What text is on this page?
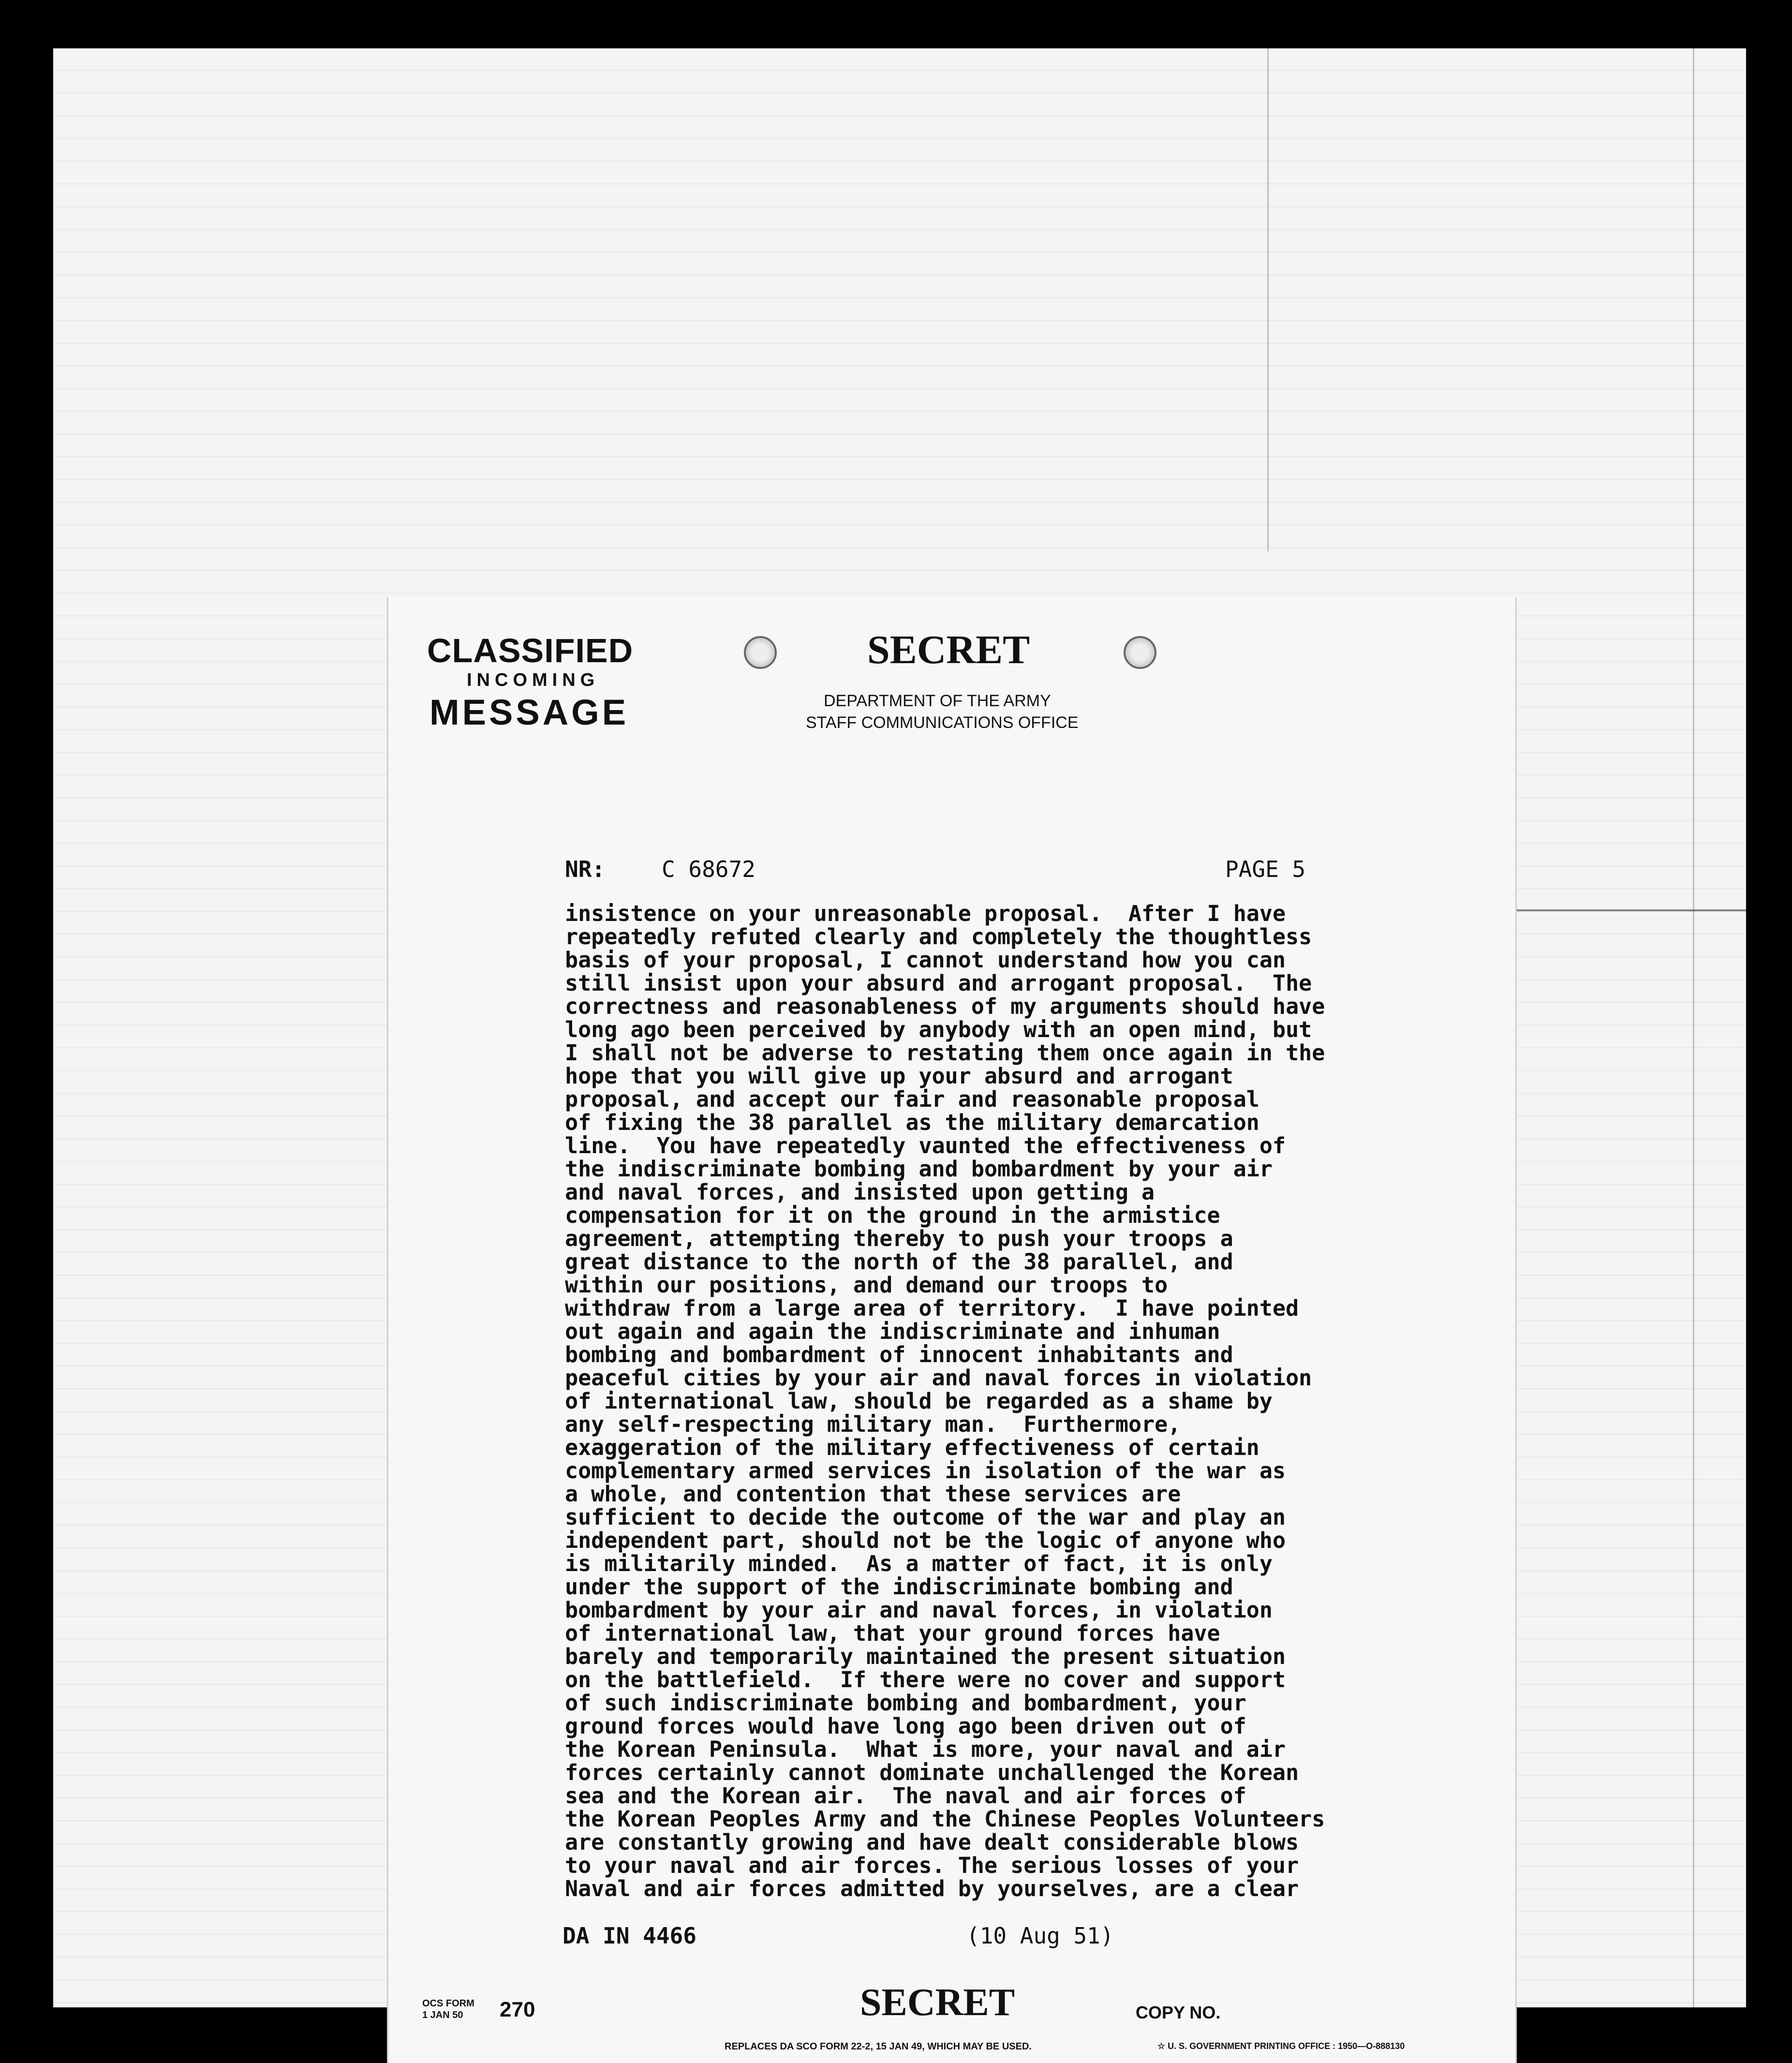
CLASSIFIED
INCOMING
MESSAGE
SECRET
DEPARTMENT OF THE ARMY
STAFF COMMUNICATIONS OFFICE
NR:	C 68672	PAGE 5
insistence on your unreasonable proposal.  After I have
repeatedly refuted clearly and completely the thoughtless
basis of your proposal, I cannot understand how you can
still insist upon your absurd and arrogant proposal.  The
correctness and reasonableness of my arguments should have
long ago been perceived by anybody with an open mind, but
I shall not be adverse to restating them once again in the
hope that you will give up your absurd and arrogant
proposal, and accept our fair and reasonable proposal
of fixing the 38 parallel as the military demarcation
line.  You have repeatedly vaunted the effectiveness of
the indiscriminate bombing and bombardment by your air
and naval forces, and insisted upon getting a
compensation for it on the ground in the armistice
agreement, attempting thereby to push your troops a
great distance to the north of the 38 parallel, and
within our positions, and demand our troops to
withdraw from a large area of territory.  I have pointed
out again and again the indiscriminate and inhuman
bombing and bombardment of innocent inhabitants and
peaceful cities by your air and naval forces in violation
of international law, should be regarded as a shame by
any self-respecting military man.  Furthermore,
exaggeration of the military effectiveness of certain
complementary armed services in isolation of the war as
a whole, and contention that these services are
sufficient to decide the outcome of the war and play an
independent part, should not be the logic of anyone who
is militarily minded.  As a matter of fact, it is only
under the support of the indiscriminate bombing and
bombardment by your air and naval forces, in violation
of international law, that your ground forces have
barely and temporarily maintained the present situation
on the battlefield.  If there were no cover and support
of such indiscriminate bombing and bombardment, your
ground forces would have long ago been driven out of
the Korean Peninsula.  What is more, your naval and air
forces certainly cannot dominate unchallenged the Korean
sea and the Korean air.  The naval and air forces of
the Korean Peoples Army and the Chinese Peoples Volunteers
are constantly growing and have dealt considerable blows
to your naval and air forces. The serious losses of your
Naval and air forces admitted by yourselves, are a clear
DA IN 4466	(10 Aug 51)
SECRET	COPY NO.
OCS FORM
1 JAN 50	270
REPLACES DA SCO FORM 22-2, 15 JAN 49, WHICH MAY BE USED.	☆ U. S. GOVERNMENT PRINTING OFFICE : 1950—O-888130
